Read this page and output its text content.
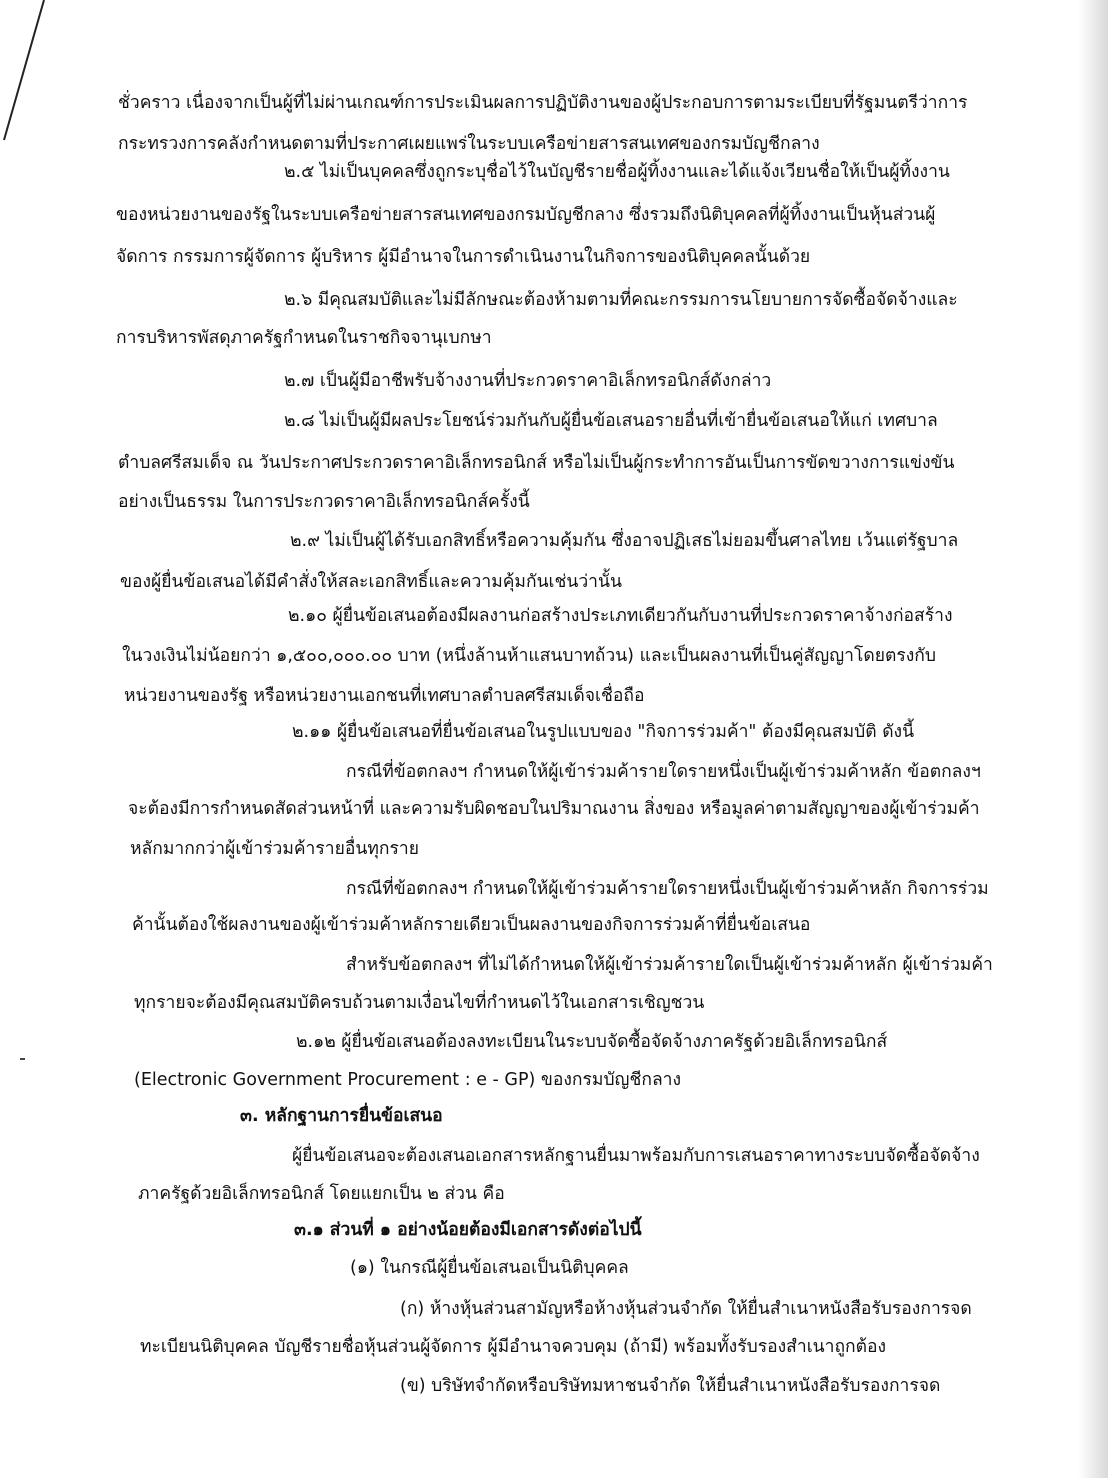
ชั่วคราว เนื่องจากเป็นผู้ที่ไม่ผ่านเกณฑ์การประเมินผลการปฏิบัติงานของผู้ประกอบการตามระเบียบที่รัฐมนตรีว่าการ
กระทรวงการคลังกำหนดตามที่ประกาศเผยแพร่ในระบบเครือข่ายสารสนเทศของกรมบัญชีกลาง
๒.๕ ไม่เป็นบุคคลซึ่งถูกระบุชื่อไว้ในบัญชีรายชื่อผู้ทิ้งงานและได้แจ้งเวียนชื่อให้เป็นผู้ทิ้งงาน
ของหน่วยงานของรัฐในระบบเครือข่ายสารสนเทศของกรมบัญชีกลาง ซึ่งรวมถึงนิติบุคคลที่ผู้ทิ้งงานเป็นหุ้นส่วนผู้
จัดการ กรรมการผู้จัดการ ผู้บริหาร ผู้มีอำนาจในการดำเนินงานในกิจการของนิติบุคคลนั้นด้วย
๒.๖ มีคุณสมบัติและไม่มีลักษณะต้องห้ามตามที่คณะกรรมการนโยบายการจัดซื้อจัดจ้างและ
การบริหารพัสดุภาครัฐกำหนดในราชกิจจานุเบกษา
๒.๗ เป็นผู้มีอาชีพรับจ้างงานที่ประกวดราคาอิเล็กทรอนิกส์ดังกล่าว
๒.๘ ไม่เป็นผู้มีผลประโยชน์ร่วมกันกับผู้ยื่นข้อเสนอรายอื่นที่เข้ายื่นข้อเสนอให้แก่ เทศบาล
ตำบลศรีสมเด็จ ณ วันประกาศประกวดราคาอิเล็กทรอนิกส์ หรือไม่เป็นผู้กระทำการอันเป็นการขัดขวางการแข่งขัน
อย่างเป็นธรรม ในการประกวดราคาอิเล็กทรอนิกส์ครั้งนี้
๒.๙ ไม่เป็นผู้ได้รับเอกสิทธิ์หรือความคุ้มกัน ซึ่งอาจปฏิเสธไม่ยอมขึ้นศาลไทย เว้นแต่รัฐบาล
ของผู้ยื่นข้อเสนอได้มีคำสั่งให้สละเอกสิทธิ์และความคุ้มกันเช่นว่านั้น
๒.๑๐ ผู้ยื่นข้อเสนอต้องมีผลงานก่อสร้างประเภทเดียวกันกับงานที่ประกวดราคาจ้างก่อสร้าง
ในวงเงินไม่น้อยกว่า ๑,๕๐๐,๐๐๐.๐๐ บาท (หนึ่งล้านห้าแสนบาทถ้วน) และเป็นผลงานที่เป็นคู่สัญญาโดยตรงกับ
หน่วยงานของรัฐ หรือหน่วยงานเอกชนที่เทศบาลตำบลศรีสมเด็จเชื่อถือ
๒.๑๑ ผู้ยื่นข้อเสนอที่ยื่นข้อเสนอในรูปแบบของ "กิจการร่วมค้า" ต้องมีคุณสมบัติ ดังนี้
กรณีที่ข้อตกลงฯ กำหนดให้ผู้เข้าร่วมค้ารายใดรายหนึ่งเป็นผู้เข้าร่วมค้าหลัก ข้อตกลงฯ
จะต้องมีการกำหนดสัดส่วนหน้าที่ และความรับผิดชอบในปริมาณงาน สิ่งของ หรือมูลค่าตามสัญญาของผู้เข้าร่วมค้า
หลักมากกว่าผู้เข้าร่วมค้ารายอื่นทุกราย
กรณีที่ข้อตกลงฯ กำหนดให้ผู้เข้าร่วมค้ารายใดรายหนึ่งเป็นผู้เข้าร่วมค้าหลัก กิจการร่วม
ค้านั้นต้องใช้ผลงานของผู้เข้าร่วมค้าหลักรายเดียวเป็นผลงานของกิจการร่วมค้าที่ยื่นข้อเสนอ
สำหรับข้อตกลงฯ ที่ไม่ได้กำหนดให้ผู้เข้าร่วมค้ารายใดเป็นผู้เข้าร่วมค้าหลัก ผู้เข้าร่วมค้า
ทุกรายจะต้องมีคุณสมบัติครบถ้วนตามเงื่อนไขที่กำหนดไว้ในเอกสารเชิญชวน
๒.๑๒ ผู้ยื่นข้อเสนอต้องลงทะเบียนในระบบจัดซื้อจัดจ้างภาครัฐด้วยอิเล็กทรอนิกส์
(Electronic Government Procurement : e - GP) ของกรมบัญชีกลาง
๓. หลักฐานการยื่นข้อเสนอ
ผู้ยื่นข้อเสนอจะต้องเสนอเอกสารหลักฐานยื่นมาพร้อมกับการเสนอราคาทางระบบจัดซื้อจัดจ้าง
ภาครัฐด้วยอิเล็กทรอนิกส์ โดยแยกเป็น ๒ ส่วน คือ
๓.๑ ส่วนที่ ๑ อย่างน้อยต้องมีเอกสารดังต่อไปนี้
(๑) ในกรณีผู้ยื่นข้อเสนอเป็นนิติบุคคล
(ก) ห้างหุ้นส่วนสามัญหรือห้างหุ้นส่วนจำกัด ให้ยื่นสำเนาหนังสือรับรองการจด
ทะเบียนนิติบุคคล บัญชีรายชื่อหุ้นส่วนผู้จัดการ ผู้มีอำนาจควบคุม (ถ้ามี) พร้อมทั้งรับรองสำเนาถูกต้อง
(ข) บริษัทจำกัดหรือบริษัทมหาชนจำกัด ให้ยื่นสำเนาหนังสือรับรองการจด
